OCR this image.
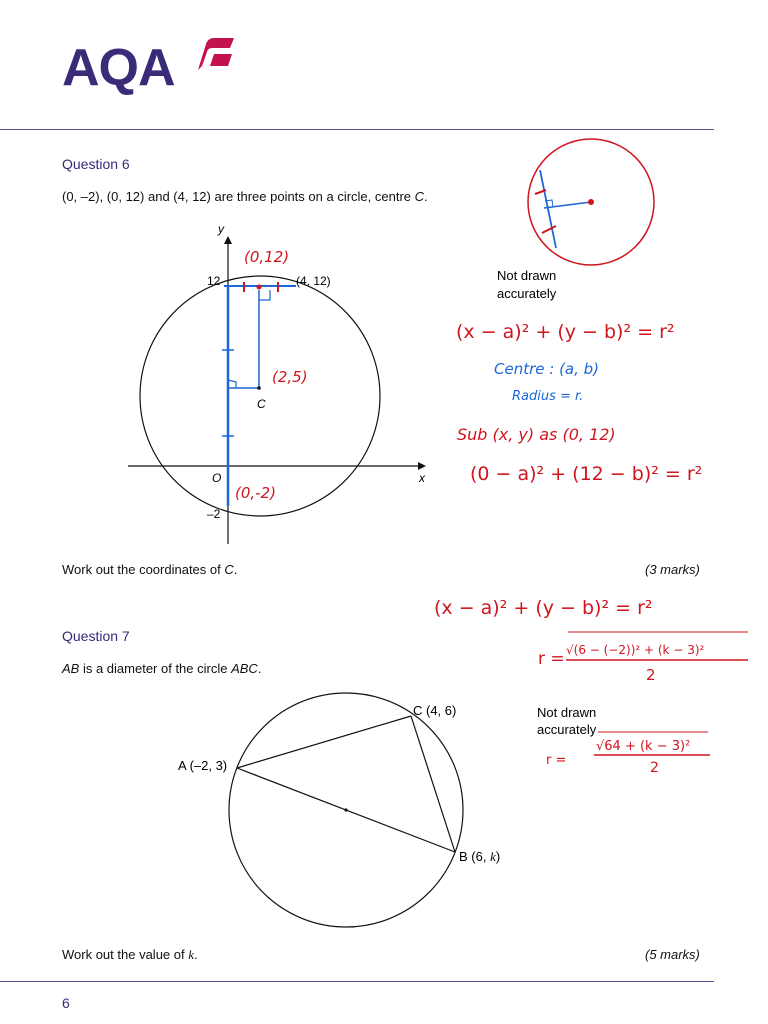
AQA
Question 6
(0, –2), (0, 12) and (4, 12) are three points on a circle, centre C.
y
x
12	(4, 12)
O
–2
C
(0,12)
(2,5)
(0,-2)
Not drawn
accurately
(x − a)² + (y − b)² = r²
Centre : (a, b)
Radius = r.
Sub (x, y) as (0, 12)
(0 − a)² + (12 − b)² = r²
Work out the coordinates of C.	(3 marks)
Question 7
AB is a diameter of the circle ABC.
A (–2, 3)
C (4, 6)
B (6, k)
Not drawn
accurately
(x − a)² + (y − b)² = r²
r = √(6 − (−2))² + (k − 3)²
2
r =
√64 + (k − 3)²
2
Work out the value of k.	(5 marks)
6
